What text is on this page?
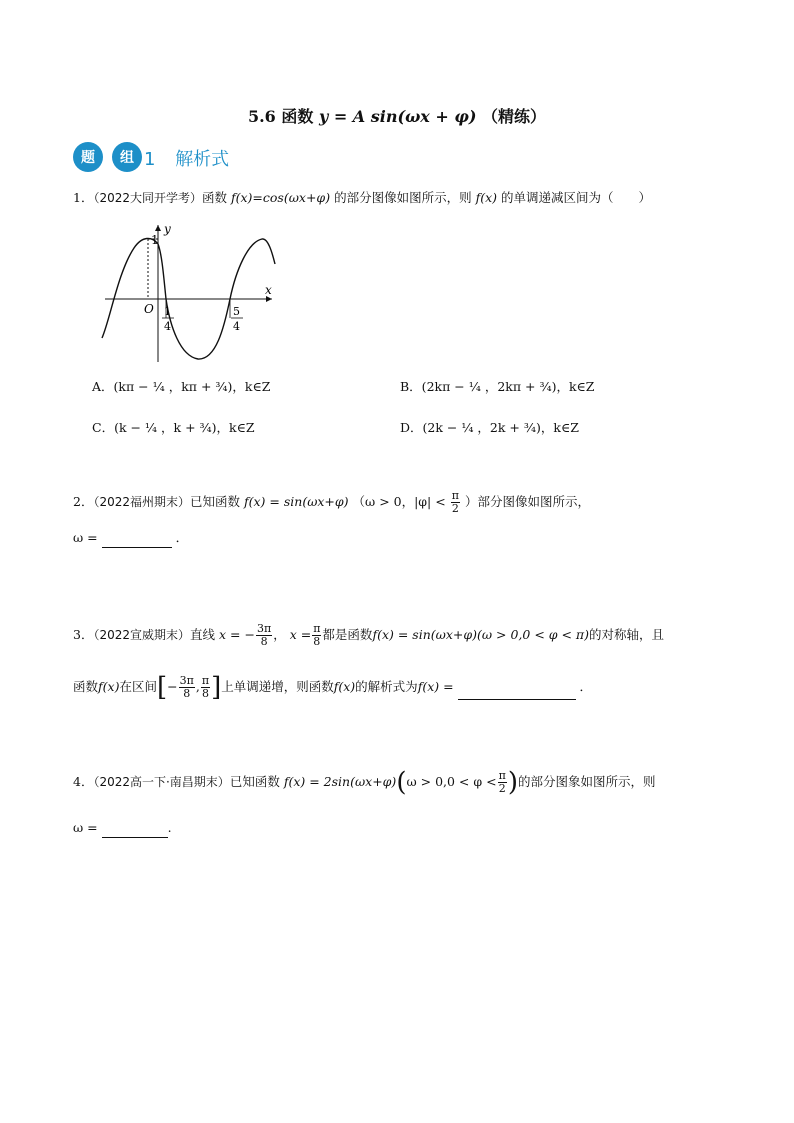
5.6 函数 y = A sin(ωx + φ) （精练）
题 组 1 解析式
1．（2022大同开学考）函数 f(x)=cos(ωx+φ) 的部分图像如图所示，则 f(x) 的单调递减区间为（　　）
y
x
O
1
1
4
5
4
A．(kπ − ¼ ，kπ + ¾)，k∈Z	B．(2kπ − ¼ ，2kπ + ¾)，k∈Z
C．(k − ¼ ，k + ¾)，k∈Z	D．(2k − ¼ ，2k + ¾)，k∈Z
2．（2022福州期末）已知函数 f(x) = sin(ωx+φ) （ω > 0，$|\varphi| < \frac{\pi}{2}$ ）部分图像如图所示，
ω =	．
3．（2022宣威期末）直线 x = − $\frac{3\pi}{8}$ ， $x = \frac{\pi}{8}$ 都是函数f(x) = sin(ωx+φ)(ω > 0,0 < φ < π)的对称轴，且
函数f(x)在区间[− $\frac{3\pi}{8}$ , $\frac{\pi}{8}$ ]上单调递增，则函数f(x)的解析式为f(x) =	．
4．（2022高一下·南昌期末）已知函数 $f(x) = 2\sin(\omega x+\varphi)(\omega > 0,0 < \varphi < \frac{\pi}{2}$ )的部分图象如图所示，则
ω =	.
